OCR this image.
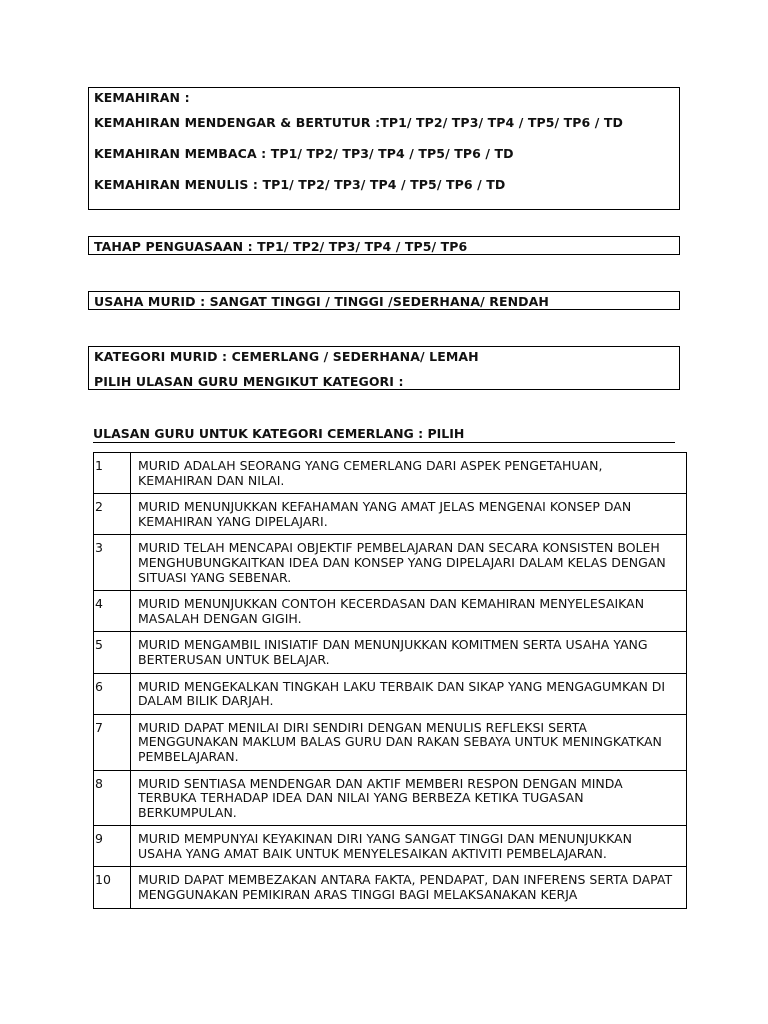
KEMAHIRAN :
KEMAHIRAN MENDENGAR & BERTUTUR :TP1/ TP2/ TP3/ TP4 / TP5/ TP6 / TD
KEMAHIRAN MEMBACA : TP1/ TP2/ TP3/ TP4 / TP5/ TP6 / TD
KEMAHIRAN MENULIS : TP1/ TP2/ TP3/ TP4 / TP5/ TP6 / TD
TAHAP PENGUASAAN : TP1/ TP2/ TP3/ TP4 / TP5/ TP6
USAHA MURID : SANGAT TINGGI / TINGGI /SEDERHANA/ RENDAH
KATEGORI MURID : CEMERLANG / SEDERHANA/ LEMAH
PILIH ULASAN GURU MENGIKUT KATEGORI :
ULASAN GURU UNTUK KATEGORI CEMERLANG : PILIH
1	MURID ADALAH SEORANG YANG CEMERLANG DARI ASPEK PENGETAHUAN, KEMAHIRAN DAN NILAI.
2	MURID MENUNJUKKAN KEFAHAMAN YANG AMAT JELAS MENGENAI KONSEP DAN KEMAHIRAN YANG DIPELAJARI.
3	MURID TELAH MENCAPAI OBJEKTIF PEMBELAJARAN DAN SECARA KONSISTEN BOLEH MENGHUBUNGKAITKAN IDEA DAN KONSEP YANG DIPELAJARI DALAM KELAS DENGAN SITUASI YANG SEBENAR.
4	MURID MENUNJUKKAN CONTOH KECERDASAN DAN KEMAHIRAN MENYELESAIKAN MASALAH DENGAN GIGIH.
5	MURID MENGAMBIL INISIATIF DAN MENUNJUKKAN KOMITMEN SERTA USAHA YANG BERTERUSAN UNTUK BELAJAR.
6	MURID MENGEKALKAN TINGKAH LAKU TERBAIK DAN SIKAP YANG MENGAGUMKAN DI DALAM BILIK DARJAH.
7	MURID DAPAT MENILAI DIRI SENDIRI DENGAN MENULIS REFLEKSI SERTA MENGGUNAKAN MAKLUM BALAS GURU DAN RAKAN SEBAYA UNTUK MENINGKATKAN PEMBELAJARAN.
8	MURID SENTIASA MENDENGAR DAN AKTIF MEMBERI RESPON DENGAN MINDA TERBUKA TERHADAP IDEA DAN NILAI YANG BERBEZA KETIKA TUGASAN BERKUMPULAN.
9	MURID MEMPUNYAI KEYAKINAN DIRI YANG SANGAT TINGGI DAN MENUNJUKKAN USAHA YANG AMAT BAIK UNTUK MENYELESAIKAN AKTIVITI PEMBELAJARAN.
10	MURID DAPAT MEMBEZAKAN ANTARA FAKTA, PENDAPAT, DAN INFERENS SERTA DAPAT MENGGUNAKAN PEMIKIRAN ARAS TINGGI BAGI MELAKSANAKAN KERJA
